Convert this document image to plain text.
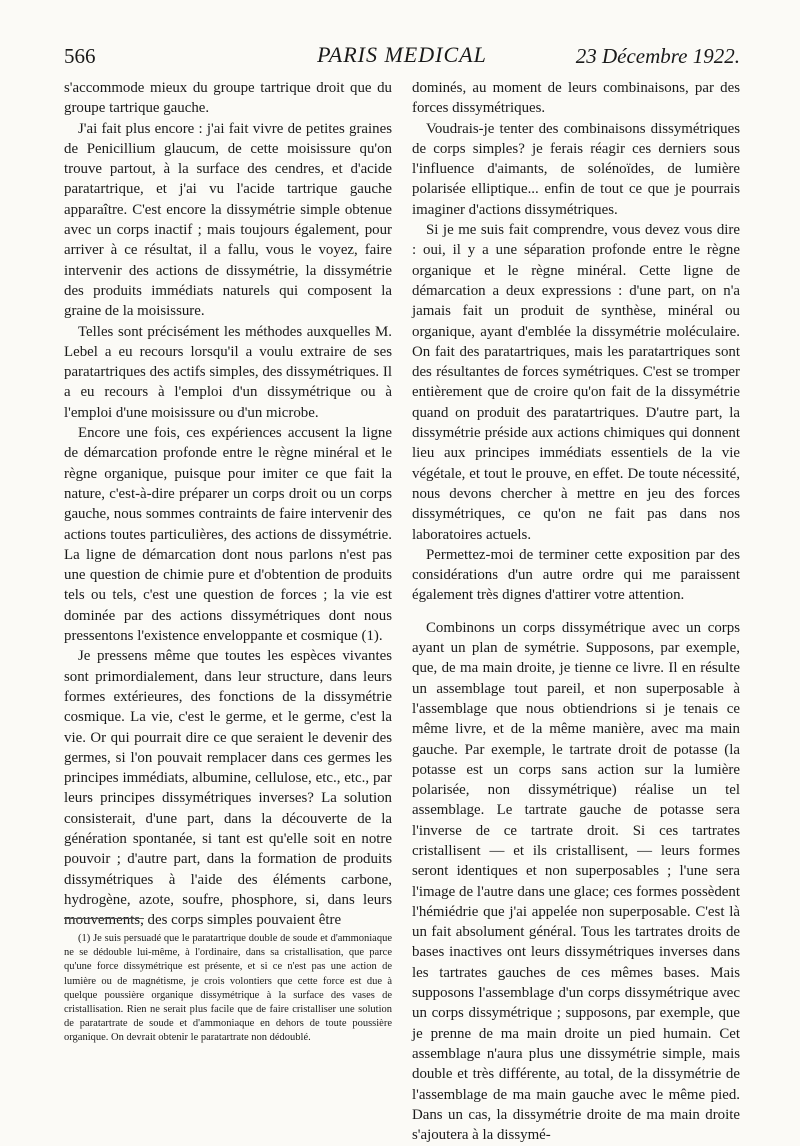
566	PARIS MEDICAL	23 Décembre 1922.

s'accommode mieux du groupe tartrique droit que du groupe tartrique gauche.

J'ai fait plus encore : j'ai fait vivre de petites graines de Penicillium glaucum, de cette moisissure qu'on trouve partout, à la surface des cendres, et d'acide paratartrique, et j'ai vu l'acide tartrique gauche apparaître. C'est encore la dissymétrie simple obtenue avec un corps inactif ; mais toujours également, pour arriver à ce résultat, il a fallu, vous le voyez, faire intervenir des actions de dissymétrie, la dissymétrie des produits immédiats naturels qui composent la graine de la moisissure.

Telles sont précisément les méthodes auxquelles M. Lebel a eu recours lorsqu'il a voulu extraire de ses paratartriques des actifs simples, des dissymétriques. Il a eu recours à l'emploi d'un dissymétrique ou à l'emploi d'une moisissure ou d'un microbe.

Encore une fois, ces expériences accusent la ligne de démarcation profonde entre le règne minéral et le règne organique, puisque pour imiter ce que fait la nature, c'est-à-dire préparer un corps droit ou un corps gauche, nous sommes contraints de faire intervenir des actions toutes particulières, des actions de dissymétrie. La ligne de démarcation dont nous parlons n'est pas une question de chimie pure et d'obtention de produits tels ou tels, c'est une question de forces ; la vie est dominée par des actions dissymétriques dont nous pressentons l'existence enveloppante et cosmique (1).

Je pressens même que toutes les espèces vivantes sont primordialement, dans leur structure, dans leurs formes extérieures, des fonctions de la dissymétrie cosmique. La vie, c'est le germe, et le germe, c'est la vie. Or qui pourrait dire ce que seraient le devenir des germes, si l'on pouvait remplacer dans ces germes les principes immédiats, albumine, cellulose, etc., etc., par leurs principes dissymétriques inverses? La solution consisterait, d'une part, dans la découverte de la génération spontanée, si tant est qu'elle soit en notre pouvoir ; d'autre part, dans la formation de produits dissymétriques à l'aide des éléments carbone, hydrogène, azote, soufre, phosphore, si, dans leurs mouvements, des corps simples pouvaient être

(1) Je suis persuadé que le paratartrique double de soude et d'ammoniaque ne se dédouble lui-même, à l'ordinaire, dans sa cristallisation, que parce qu'une force dissymétrique est présente, et si ce n'est pas une action de lumière ou de magnétisme, je crois volontiers que cette force est due à quelque poussière organique dissymétrique à la surface des vases de cristallisation. Rien ne serait plus facile que de faire cristalliser une solution de paratartrate de soude et d'ammoniaque en dehors de toute poussière organique. On devrait obtenir le paratartrate non dédoublé.

dominés, au moment de leurs combinaisons, par des forces dissymétriques.

Voudrais-je tenter des combinaisons dissymétriques de corps simples? je ferais réagir ces derniers sous l'influence d'aimants, de solénoïdes, de lumière polarisée elliptique... enfin de tout ce que je pourrais imaginer d'actions dissymétriques.

Si je me suis fait comprendre, vous devez vous dire : oui, il y a une séparation profonde entre le règne organique et le règne minéral. Cette ligne de démarcation a deux expressions : d'une part, on n'a jamais fait un produit de synthèse, minéral ou organique, ayant d'emblée la dissymétrie moléculaire. On fait des paratartriques, mais les paratartriques sont des résultantes de forces symétriques. C'est se tromper entièrement que de croire qu'on fait de la dissymétrie quand on produit des paratartriques. D'autre part, la dissymétrie préside aux actions chimiques qui donnent lieu aux principes immédiats essentiels de la vie végétale, et tout le prouve, en effet. De toute nécessité, nous devons chercher à mettre en jeu des forces dissymétriques, ce qu'on ne fait pas dans nos laboratoires actuels.

Permettez-moi de terminer cette exposition par des considérations d'un autre ordre qui me paraissent également très dignes d'attirer votre attention.

Combinons un corps dissymétrique avec un corps ayant un plan de symétrie. Supposons, par exemple, que, de ma main droite, je tienne ce livre. Il en résulte un assemblage tout pareil, et non superposable à l'assemblage que nous obtiendrions si je tenais ce même livre, et de la même manière, avec ma main gauche. Par exemple, le tartrate droit de potasse (la potasse est un corps sans action sur la lumière polarisée, non dissymétrique) réalise un tel assemblage. Le tartrate gauche de potasse sera l'inverse de ce tartrate droit. Si ces tartrates cristallisent — et ils cristallisent, — leurs formes seront identiques et non superposables ; l'une sera l'image de l'autre dans une glace; ces formes possèdent l'hémiédrie que j'ai appelée non superposable. C'est là un fait absolument général. Tous les tartrates droits de bases inactives ont leurs dissymétriques inverses dans les tartrates gauches de ces mêmes bases. Mais supposons l'assemblage d'un corps dissymétrique avec un corps dissymétrique ; supposons, par exemple, que je prenne de ma main droite un pied humain. Cet assemblage n'aura plus une dissymétrie simple, mais double et très différente, au total, de la dissymétrie de l'assemblage de ma main gauche avec le même pied. Dans un cas, la dissymétrie droite de ma main droite s'ajoutera à la dissymé-
